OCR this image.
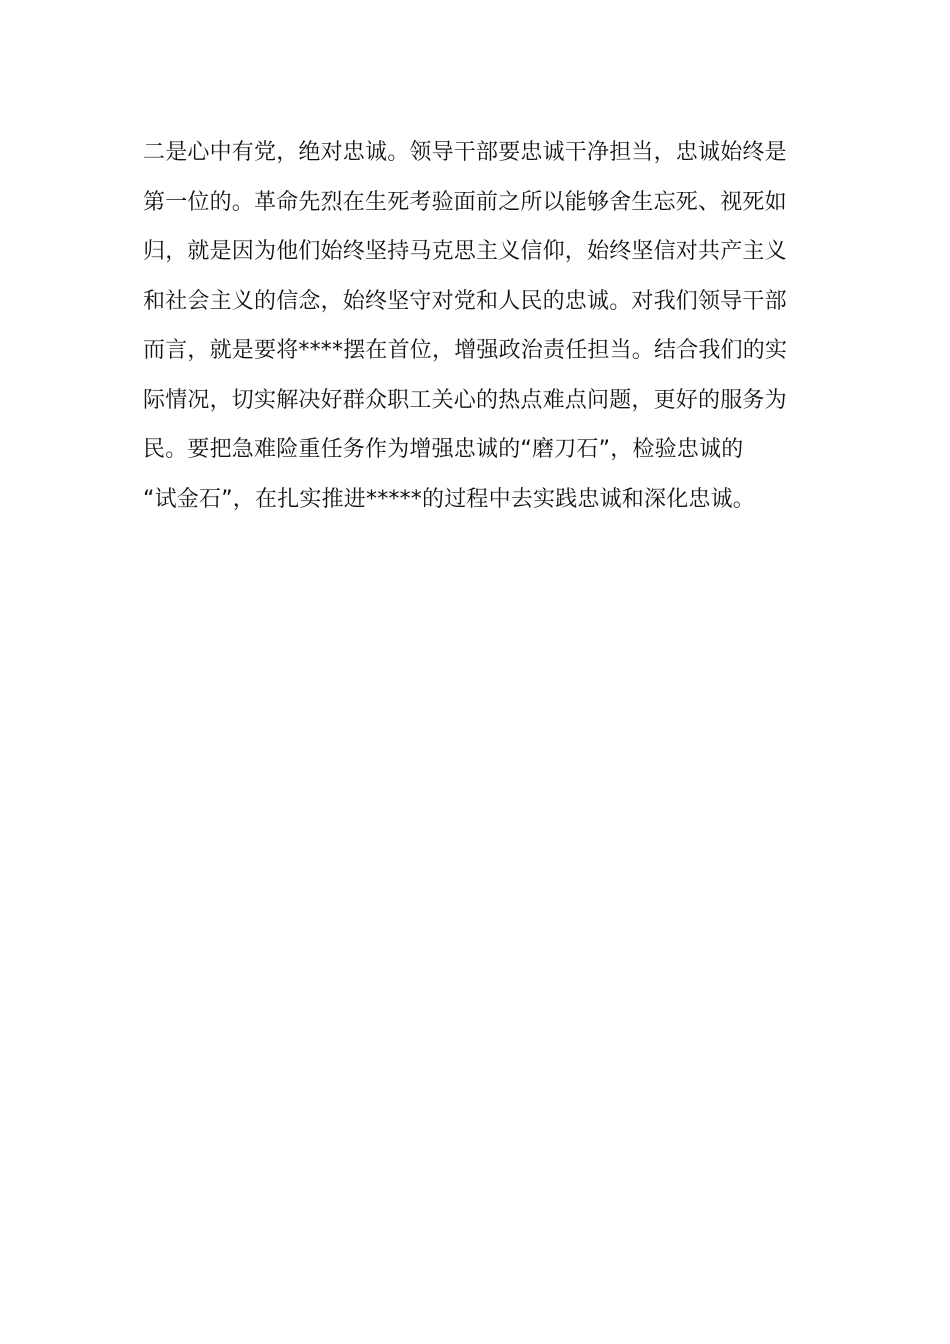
二是心中有党，绝对忠诚。领导干部要忠诚干净担当，忠诚始终是
第一位的。革命先烈在生死考验面前之所以能够舍生忘死、视死如
归，就是因为他们始终坚持马克思主义信仰，始终坚信对共产主义
和社会主义的信念，始终坚守对党和人民的忠诚。对我们领导干部
而言，就是要将****摆在首位，增强政治责任担当。结合我们的实
际情况，切实解决好群众职工关心的热点难点问题，更好的服务为
民。要把急难险重任务作为增强忠诚的“磨刀石”，检验忠诚的
“试金石”，在扎实推进*****的过程中去实践忠诚和深化忠诚。
